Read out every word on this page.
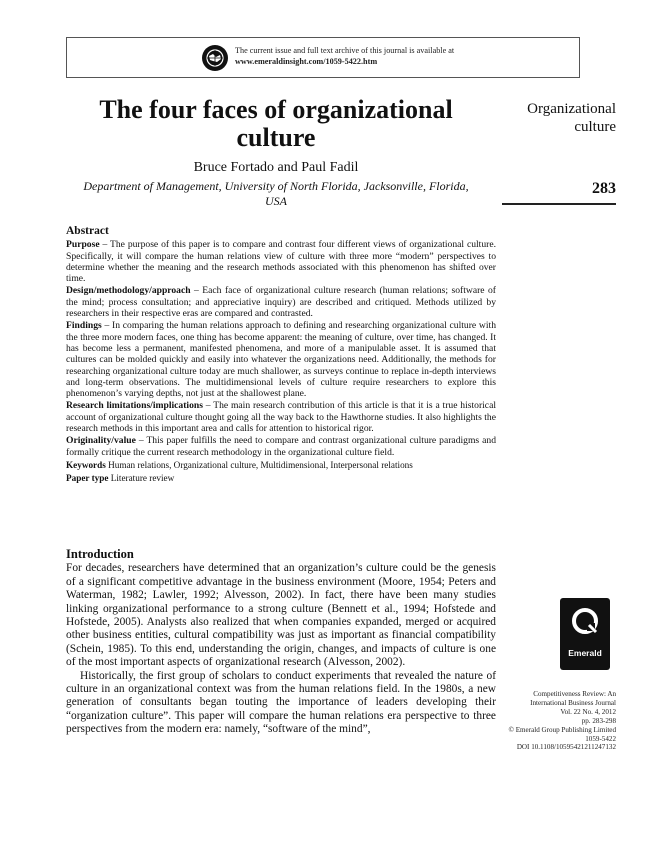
The current issue and full text archive of this journal is available at
www.emeraldinsight.com/1059-5422.htm
The four faces of organizational culture
Bruce Fortado and Paul Fadil
Department of Management, University of North Florida, Jacksonville, Florida, USA
Organizational culture
283
Abstract

Purpose – The purpose of this paper is to compare and contrast four different views of organizational culture. Specifically, it will compare the human relations view of culture with three more “modern” perspectives to determine whether the meaning and the research methods associated with this phenomenon has shifted over time.

Design/methodology/approach – Each face of organizational culture research (human relations; software of the mind; process consultation; and appreciative inquiry) are described and critiqued. Methods utilized by researchers in their respective eras are compared and contrasted.

Findings – In comparing the human relations approach to defining and researching organizational culture with the three more modern faces, one thing has become apparent: the meaning of culture, over time, has changed. It has become less a permanent, manifested phenomena, and more of a manipulable asset. It is assumed that cultures can be molded quickly and easily into whatever the organizations need. Additionally, the methods for researching organizational culture today are much shallower, as surveys continue to replace in-depth interviews and long-term observations. The multidimensional levels of culture require researchers to explore this phenomenon’s varying depths, not just at the shallowest plane.

Research limitations/implications – The main research contribution of this article is that it is a true historical account of organizational culture thought going all the way back to the Hawthorne studies. It also highlights the research methods in this important area and calls for attention to historical rigor.

Originality/value – This paper fulfills the need to compare and contrast organizational culture paradigms and formally critique the current research methodology in the organizational culture field.

Keywords Human relations, Organizational culture, Multidimensional, Interpersonal relations

Paper type Literature review

Introduction

For decades, researchers have determined that an organization’s culture could be the genesis of a significant competitive advantage in the business environment (Moore, 1954; Peters and Waterman, 1982; Lawler, 1992; Alvesson, 2002). In fact, there have been many studies linking organizational performance to a strong culture (Bennett et al., 1994; Hofstede and Hofstede, 2005). Analysts also realized that when companies expanded, merged or acquired other business entities, cultural compatibility was just as important as financial compatibility (Schein, 1985). To this end, understanding the origin, changes, and impacts of culture is one of the most important aspects of organizational research (Alvesson, 2002).

Historically, the first group of scholars to conduct experiments that revealed the nature of culture in an organizational context was from the human relations field. In the 1980s, a new generation of consultants began touting the importance of leaders developing their “organization culture”. This paper will compare the human relations era perspective to three perspectives from the modern era: namely, “software of the mind”,

Emerald
Competitiveness Review: An International Business Journal
Vol. 22 No. 4, 2012
pp. 283-298
© Emerald Group Publishing Limited
1059-5422
DOI 10.1108/10595421211247132
